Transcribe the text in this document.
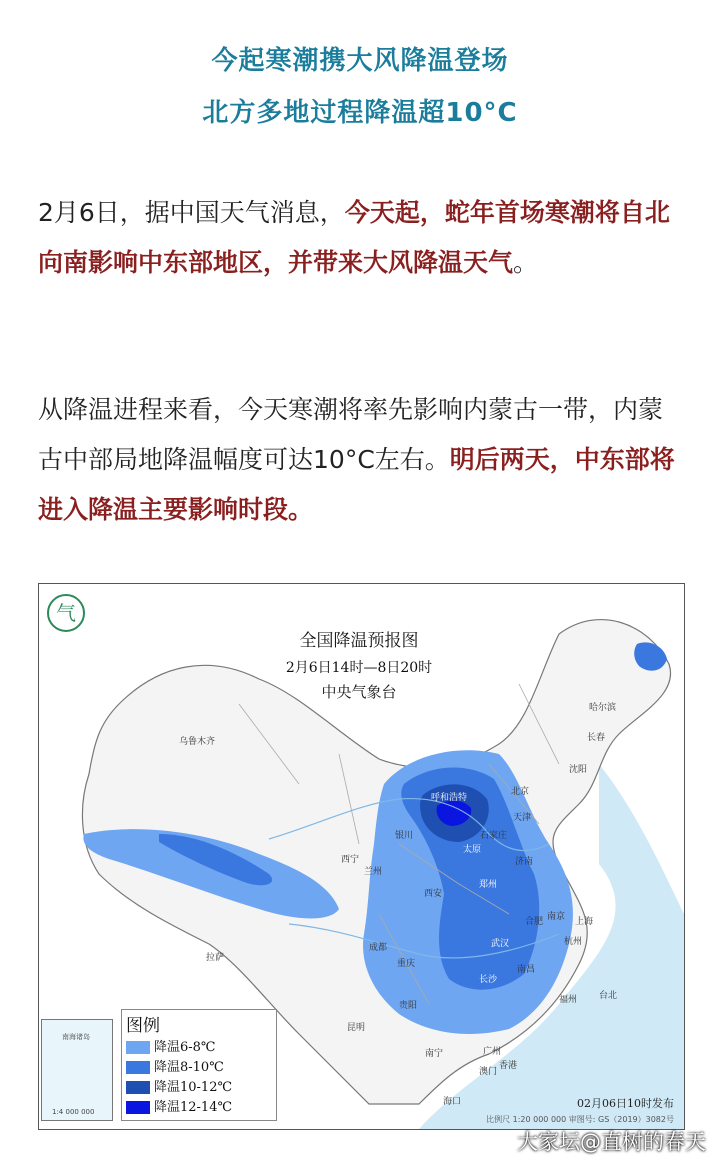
今起寒潮携大风降温登场
北方多地过程降温超10°C
2月6日，据中国天气消息，今天起，蛇年首场寒潮将自北向南影响中东部地区，并带来大风降温天气。
从降温进程来看，今天寒潮将率先影响内蒙古一带，内蒙古中部局地降温幅度可达10°C左右。明后两天，中东部将进入降温主要影响时段。
气
全国降温预报图
2月6日14时—8日20时
中央气象台
乌鲁木齐
呼和浩特
北京
天津
石家庄
太原
济南
银川
西宁
兰州
西安
郑州
南京
合肥	上海
武汉	杭州
成都
重庆
长沙
南昌
拉萨
贵阳
福州
昆明
南宁	广州
香港
澳门
台北
哈尔滨
长春
沈阳
海口
南海诸岛
1:4 000 000
图例
降温6-8℃
降温8-10℃
降温10-12℃
降温12-14℃	02月06日10时发布
比例尺 1:20 000 000 审图号: GS（2019）3082号
大家坛@直树的春天
